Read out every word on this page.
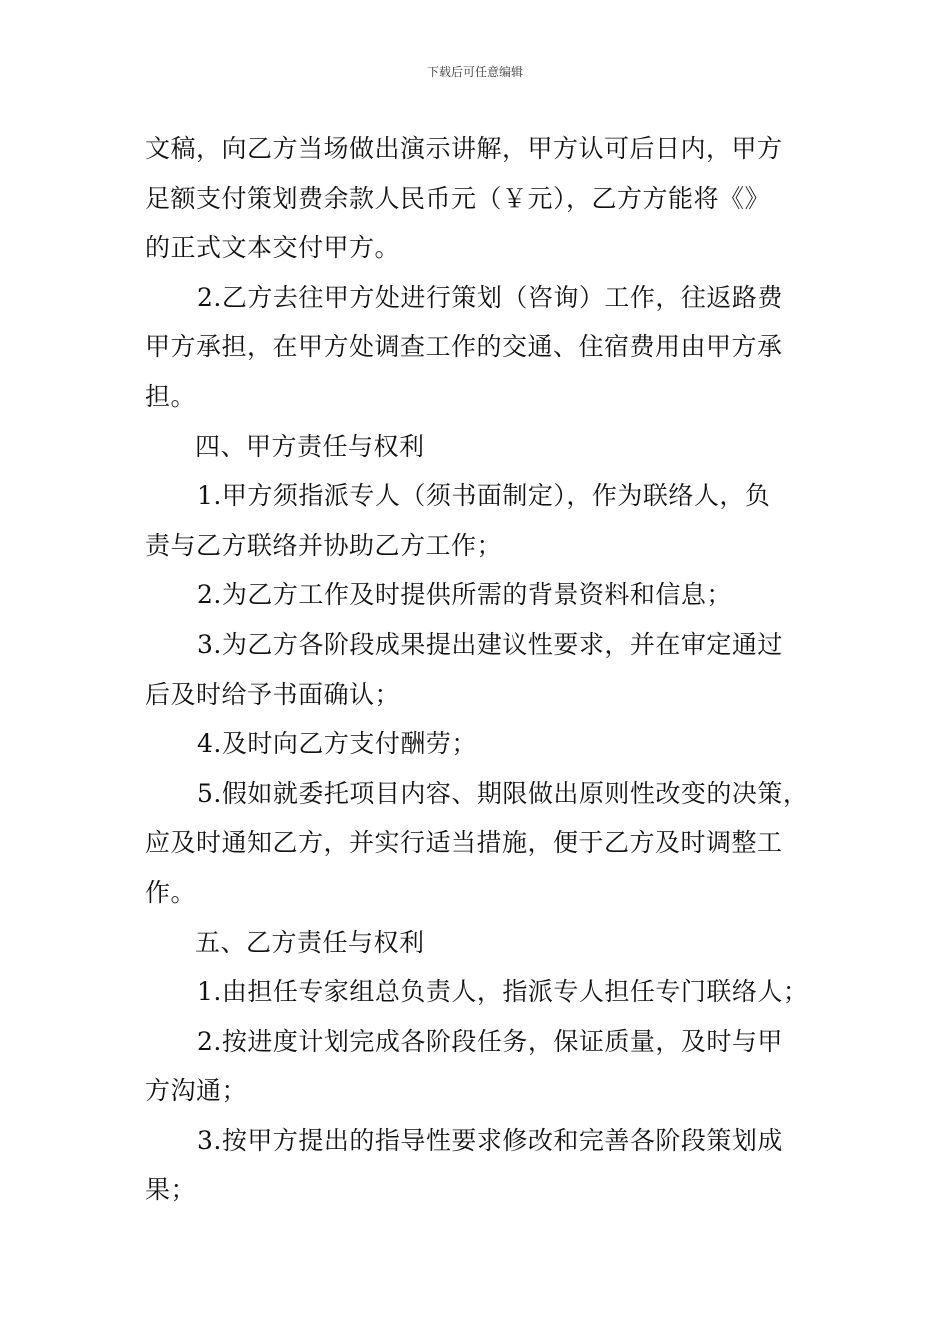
下载后可任意编辑

文稿，向乙方当场做出演示讲解，甲方认可后日内，甲方

足额支付策划费余款人民币元（￥元），乙方方能将《》

的正式文本交付甲方。

2.乙方去往甲方处进行策划（咨询）工作，往返路费

甲方承担，在甲方处调查工作的交通、住宿费用由甲方承

担。

四、甲方责任与权利

1.甲方须指派专人（须书面制定），作为联络人，负

责与乙方联络并协助乙方工作；

2.为乙方工作及时提供所需的背景资料和信息；

3.为乙方各阶段成果提出建议性要求，并在审定通过

后及时给予书面确认；

4.及时向乙方支付酬劳；

5.假如就委托项目内容、期限做出原则性改变的决策，

应及时通知乙方，并实行适当措施，便于乙方及时调整工

作。

五、乙方责任与权利

1.由担任专家组总负责人，指派专人担任专门联络人；

2.按进度计划完成各阶段任务，保证质量，及时与甲

方沟通；

3.按甲方提出的指导性要求修改和完善各阶段策划成

果；
